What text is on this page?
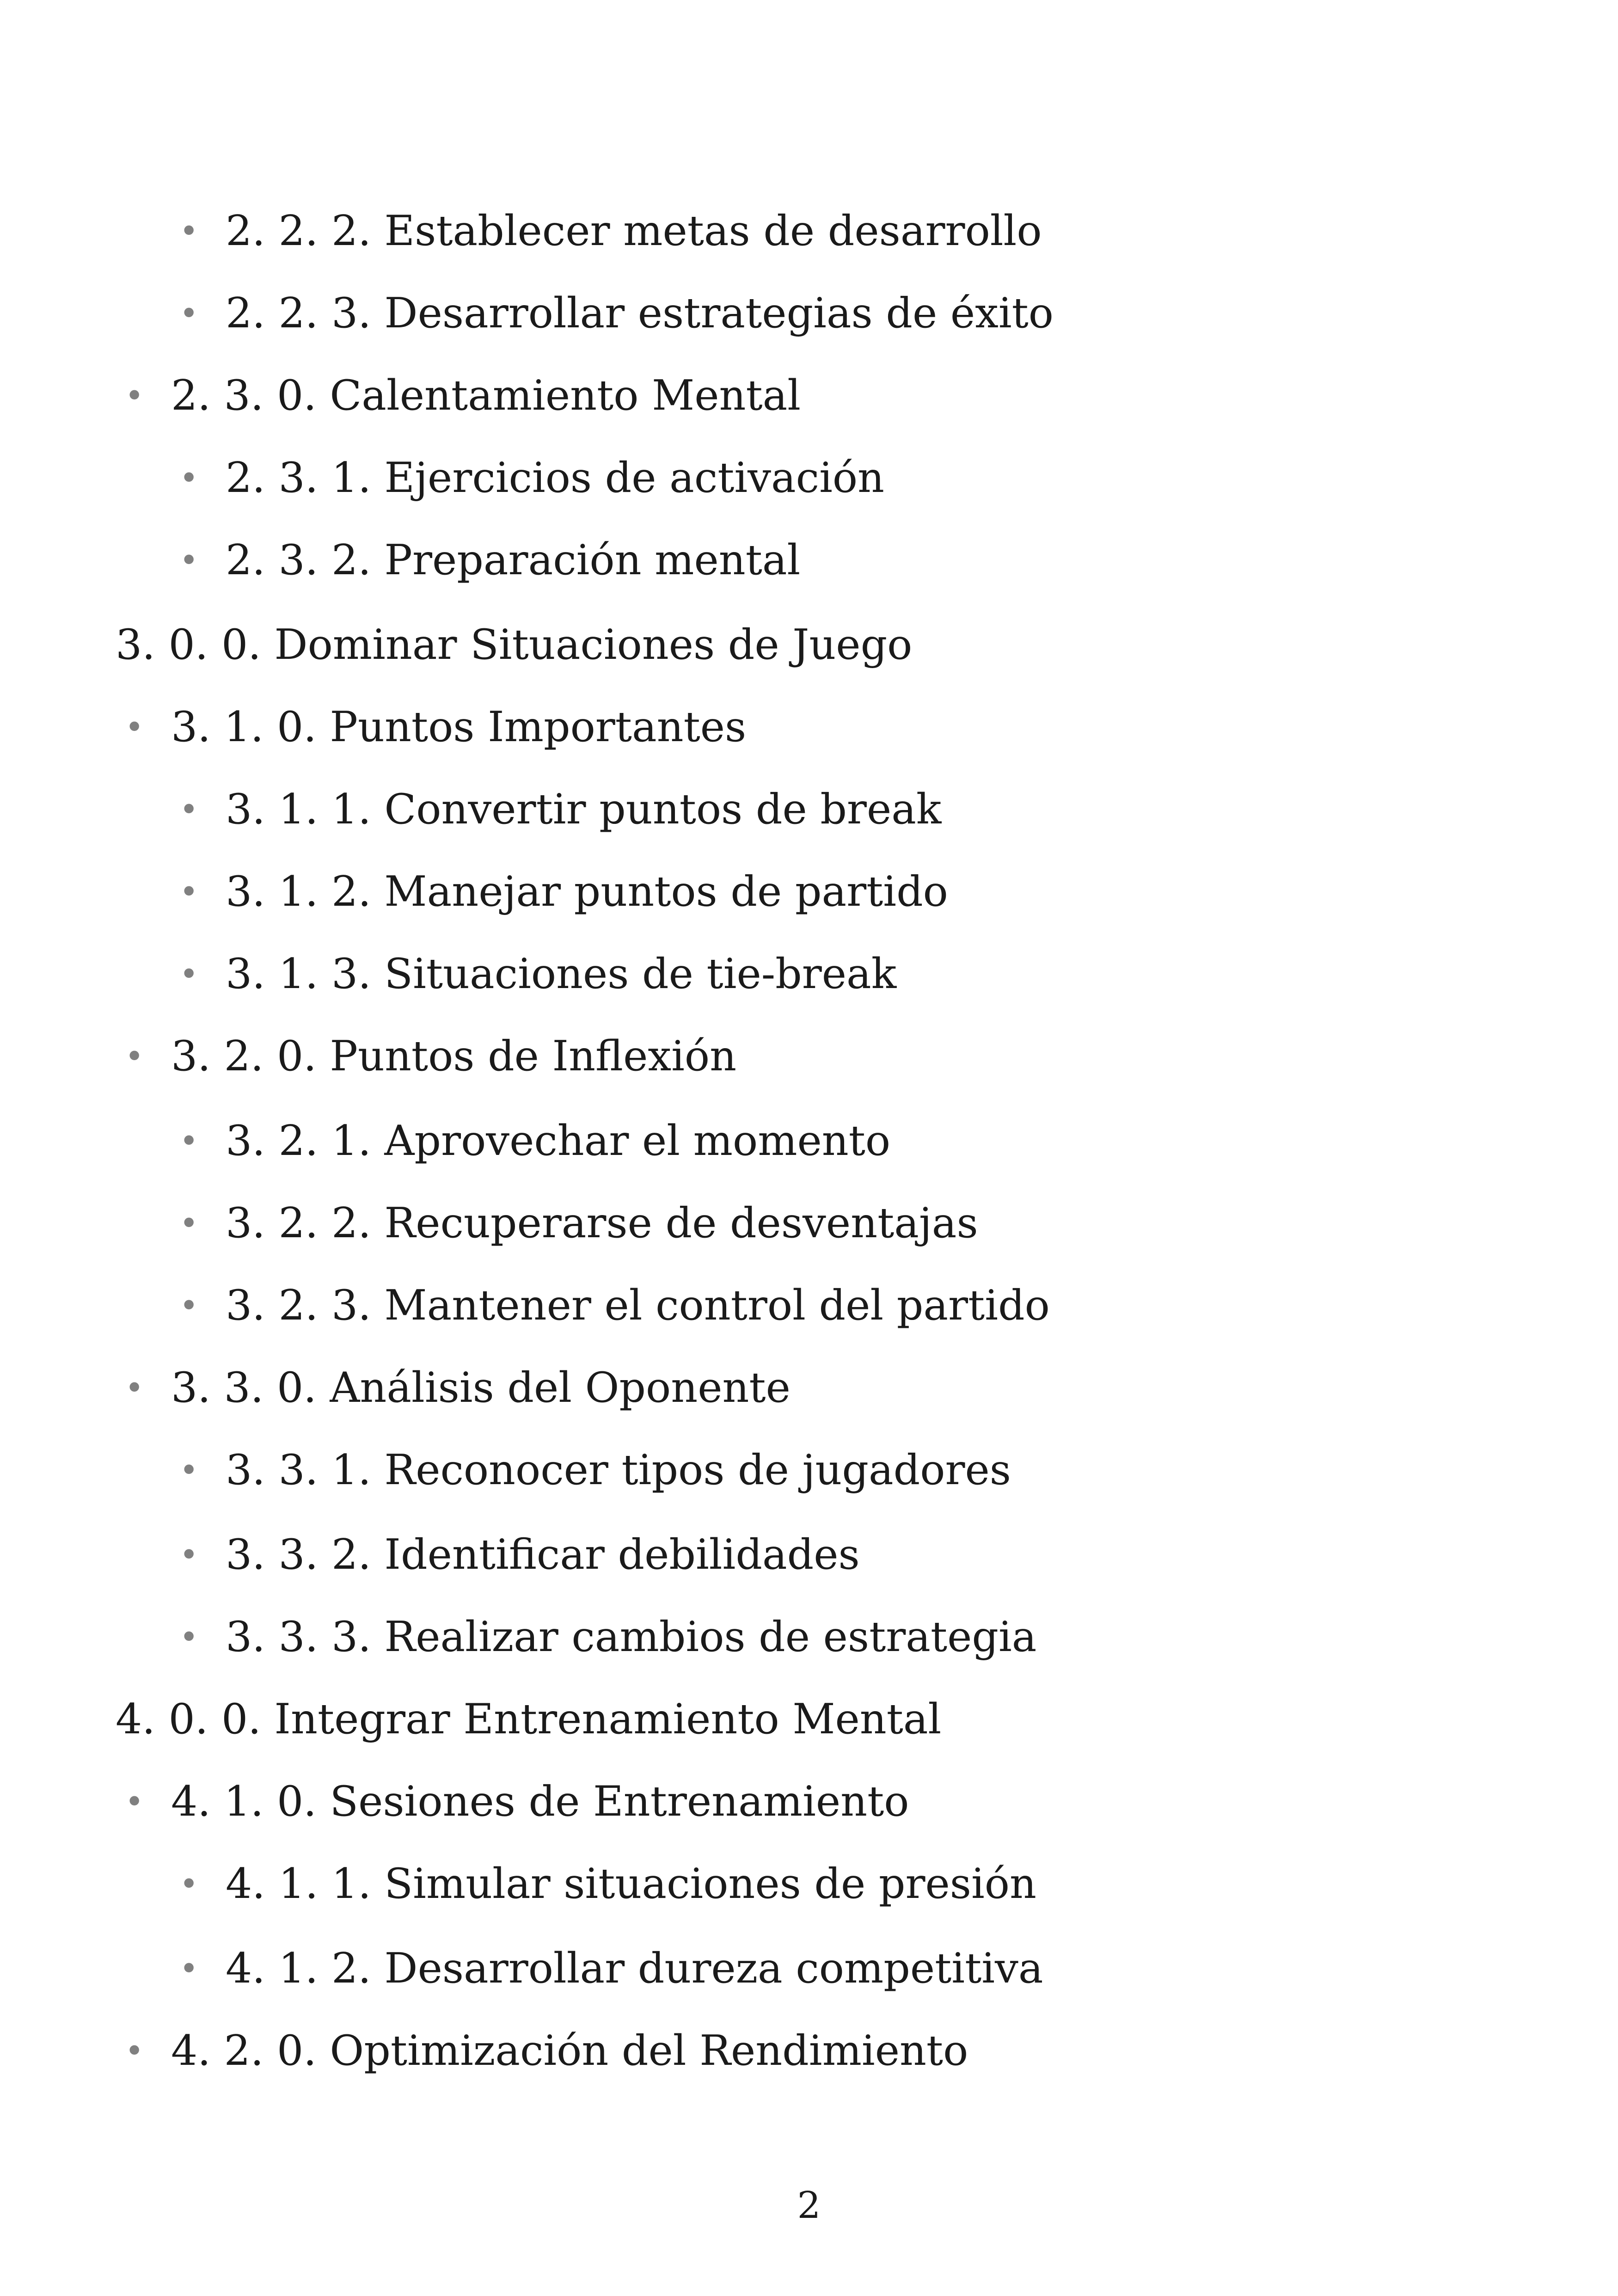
• 2. 2. 2. Establecer metas de desarrollo
• 2. 2. 3. Desarrollar estrategias de éxito
• 2. 3. 0. Calentamiento Mental
• 2. 3. 1. Ejercicios de activación
• 2. 3. 2. Preparación mental
3. 0. 0. Dominar Situaciones de Juego
• 3. 1. 0. Puntos Importantes
• 3. 1. 1. Convertir puntos de break
• 3. 1. 2. Manejar puntos de partido
• 3. 1. 3. Situaciones de tie-break
• 3. 2. 0. Puntos de Inflexión
• 3. 2. 1. Aprovechar el momento
• 3. 2. 2. Recuperarse de desventajas
• 3. 2. 3. Mantener el control del partido
• 3. 3. 0. Análisis del Oponente
• 3. 3. 1. Reconocer tipos de jugadores
• 3. 3. 2. Identificar debilidades
• 3. 3. 3. Realizar cambios de estrategia
4. 0. 0. Integrar Entrenamiento Mental
• 4. 1. 0. Sesiones de Entrenamiento
• 4. 1. 1. Simular situaciones de presión
• 4. 1. 2. Desarrollar dureza competitiva
• 4. 2. 0. Optimización del Rendimiento
2
